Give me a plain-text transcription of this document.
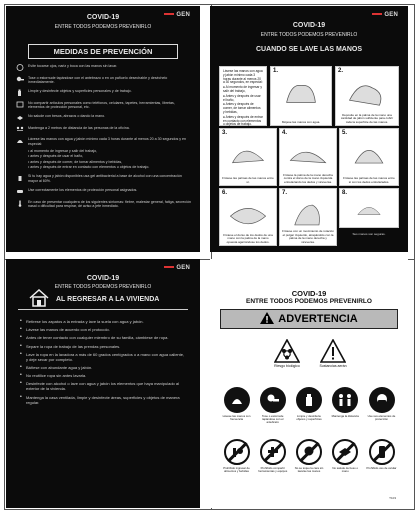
GEN
COVID-19
ENTRE TODOS PODEMOS PREVENIRLO
MEDIDAS DE PREVENCIÓN
Evite tocarse ojos, nariz y boca con las manos sin lavar.
Tose o estornude tapándose con el antebrazo o en un pañuelo desechable y deséchelo inmediatamente.
Limpie y desinfecte objetos y superficies personales y de trabajo.
No compartir artículos personales como teléfonos, celulares, tapetes, herramientas, libretas, elementos de protección personal, etc.
No salude con besos, abrazos o dando la mano.
Mantenga a 2 metros de distancia de las personas de la oficina.
Lávese las manos con agua y jabón mínimo cada 3 horas durante al menos 20 a 30 segundos y en especial:
• al momento de ingresar y salir del trabajo,
• antes y después de usar el baño,
• antes y después de comer, de tomar alimentos y bebidas,
• antes y después de entrar en contacto con elementos u objetos de trabajo.
Si tu hay agua y jabón disponibles usa gel antibacterial a base de alcohol con una concentración mayor al 60%.
Use correctamente los elementos de protección personal asignados.
En caso de presentar cualquiera de los siguientes síntomas: fiebre, malestar general, fatiga, secreción nasal o dificultad para respirar, dé aviso a jefe inmediato.
GEN
COVID-19
ENTRE TODOS PODEMOS PREVENIRLO
CUANDO SE LAVE LAS MANOS
Lávese las manos con agua y jabón mínimo cada 3 horas durante al menos 20 a 30 segundos, en especial:
● Al momento de ingresar y salir del trabajo,
● Antes y después de usar el baño,
● Antes y después de comer, de tomar alimentos y bebidas,
● Antes y después de entrar en contacto con elementos u objetos de trabajo.
1.
Mójese las manos con agua.
2.
Deposite en la palma de la mano una cantidad de jabón suficiente para cubrir toda la superficie de las manos.
3.
Frótese las palmas de las manos entre sí.
4.
Frótese la palma de la mano derecha contra el dorso de la mano izquierda entrelazando los dedos y viceversa.
5.
Frótese las palmas de las manos entre sí con los dedos entrelazados.
6.
Frótese el dorso de los dedos de una mano con la palma de la mano opuesta agarrándose los dedos.
7.
Frótese con un movimiento de rotación el pulgar izquierdo, atrapándolo con la palma de la mano derecha y viceversa.
8.
Sus manos son seguras.
GEN
COVID-19
ENTRE TODOS PODEMOS PREVENIRLO
AL REGRESAR A LA VIVIENDA
•	Retirese los zapatos a la entrada y lave la suela con agua y jabón.
•	Lávese las manos de acuerdo con el protocolo.
•	Antes de tener contacto con cualquier miembro de su familia, cámbiese de ropa.
•	Separe la ropa de trabajo de las prendas personales.
•	Lave la ropa en la lavadora a más de 60 grados centígrados o a mano con agua caliente, y deje secar por completo.
•	Báñese con abundante agua y jabón.
•	No reutilice ropa sin antes lavarla.
•	Desinfecte con alcohol o lave con agua y jabón los elementos que haya manipulado al exterior de la vivienda.
•	Mantenga la casa ventilada, limpie y desinfecte áreas, superficies y objetos de manera regular.
COVID-19
ENTRE TODOS PODEMOS PREVENIRLO
ADVERTENCIA
Riesgo biológico	Sustancias aerán
Lávese las manos con frecuencia
Tose o estornude tapándose con el antebrazo
Limpie y desinfecte objetos y superficies
Mantenga la distancia	Use sus elementos de protección
Prohibido ingresar de alimentos y bebidas
Prohibido compartir herramientas y equipos
No se toque la cara sin lavarse las manos
No salude de beso o mano
Prohibido uso de celular
T103
